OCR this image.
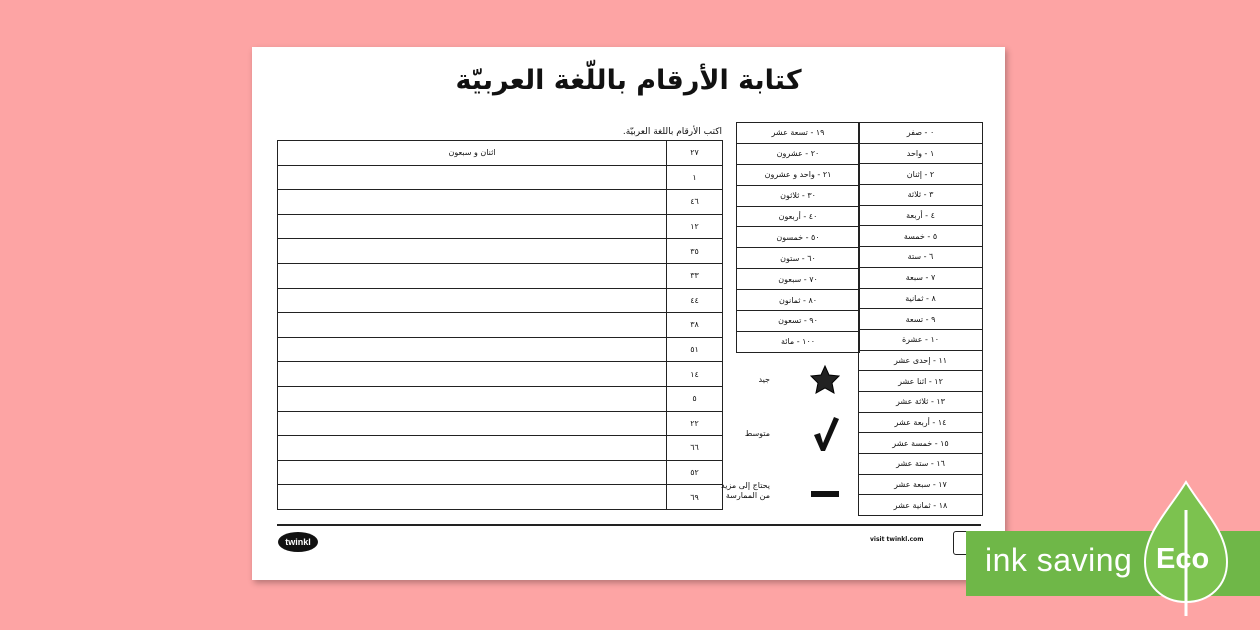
كتابة الأرقام باللّغة العربيّة
اكتب الأرقام باللغة العربيّة.
اثنان و سبعون	٢٧
	١
	٤٦
	١٢
	٣٥
	٣٣
	٤٤
	٣٨
	٥١
	١٤
	٥
	٢٢
	٦٦
	٥٢
	٦٩
١٩ - تسعة عشر
٢٠ - عشرون
٢١ - واحد و عشرون
٣٠ - ثلاثون
٤٠ - أربعون
٥٠ - خمسون
٦٠ - ستون
٧٠ - سبعون
٨٠ - ثمانون
٩٠ - تسعون
١٠٠ - مائة
٠ - صفر
١ - واحد
٢ - إثنان
٣ - ثلاثة
٤ - أربعة
٥ - خمسة
٦ - ستة
٧ - سبعة
٨ - ثمانية
٩ - تسعة
١٠ - عشرة
١١ - إحدى عشر
١٢ - اثنا عشر
١٣ - ثلاثة عشر
١٤ - أربعة عشر
١٥ - خمسة عشر
١٦ - ستة عشر
١٧ - سبعة عشر
١٨ - ثمانية عشر
جيد
متوسط
يحتاج إلى مزيد من الممارسة
twinkl	visit twinkl.com
ink saving Eco
